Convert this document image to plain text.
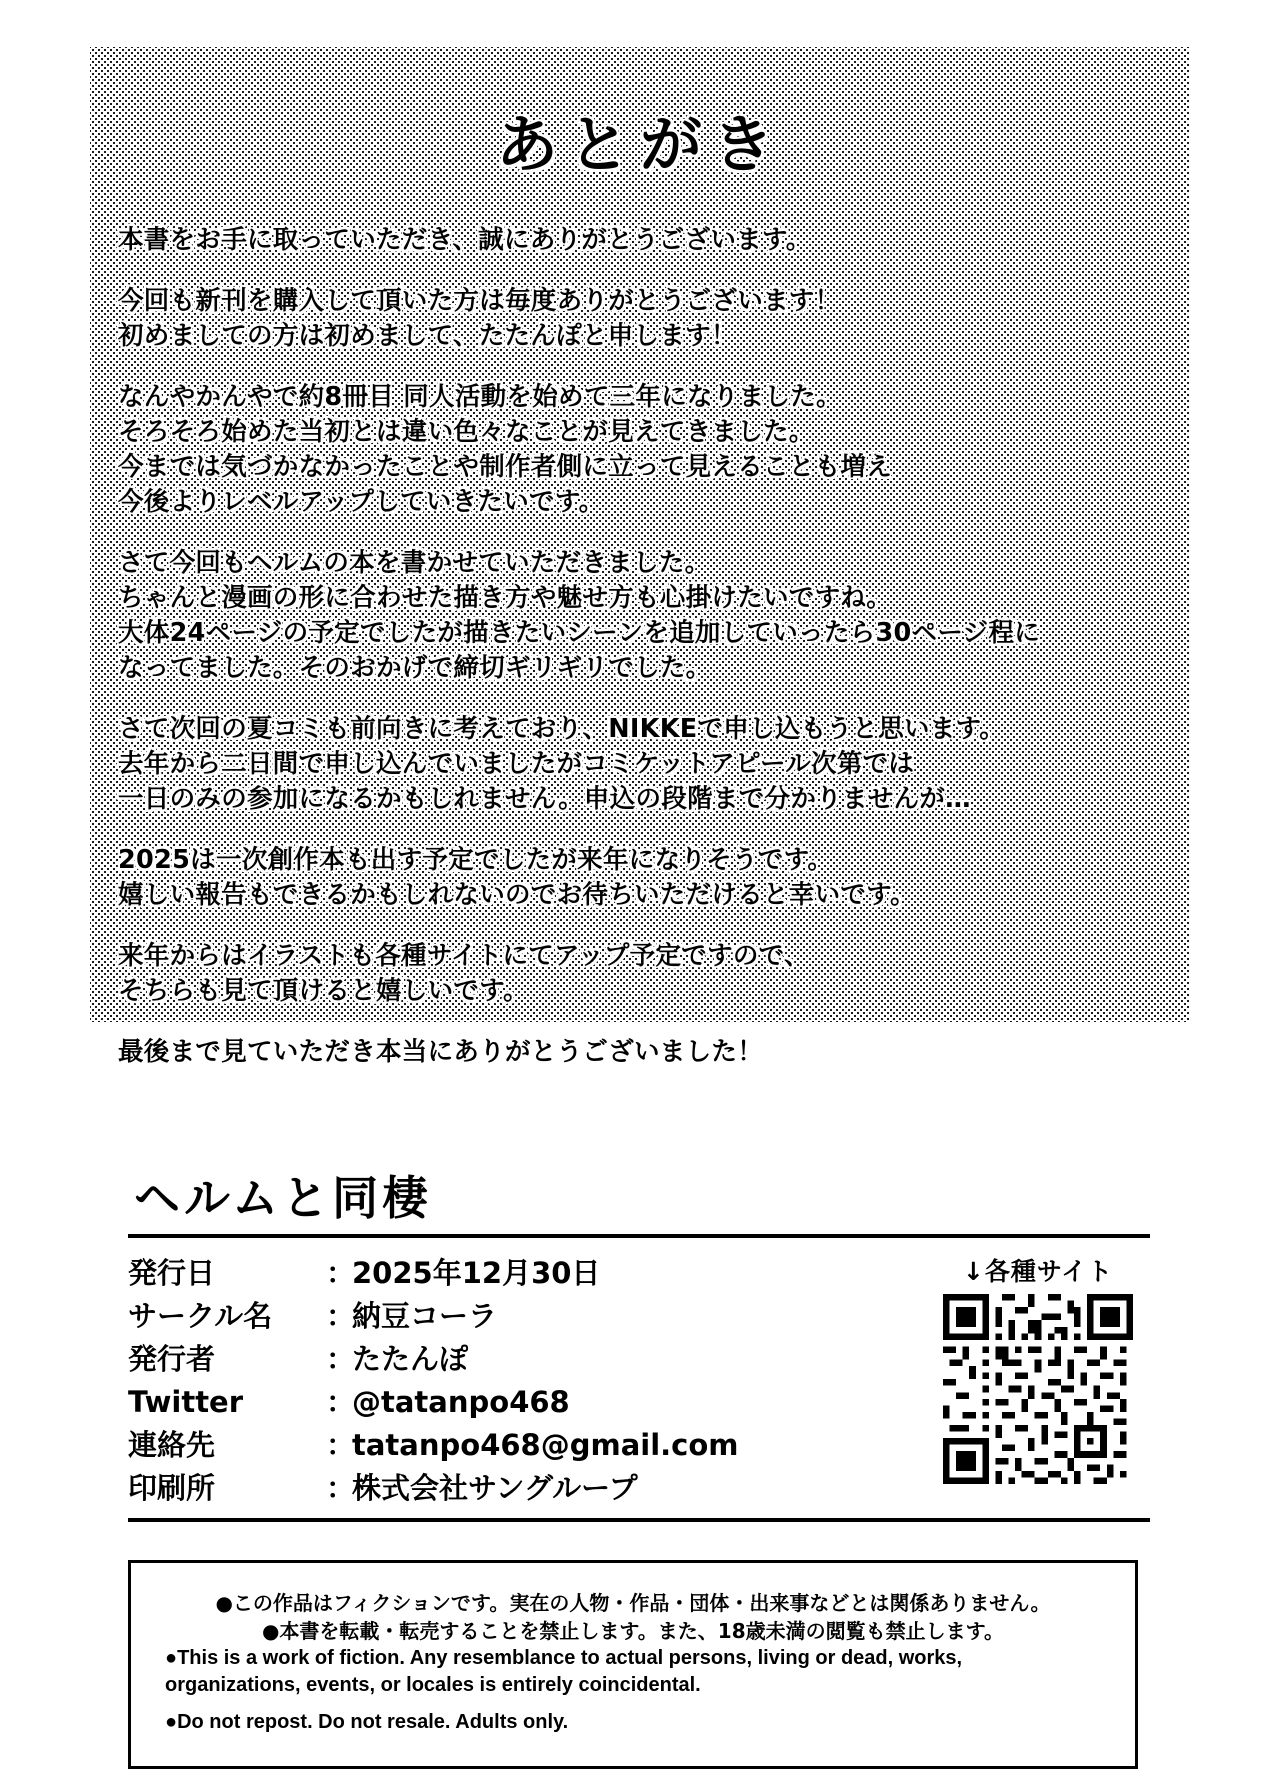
あとがき
本書をお手に取っていただき、誠にありがとうございます。
今回も新刊を購入して頂いた方は毎度ありがとうございます！
初めましての方は初めまして、たたんぽと申します！
なんやかんやで約8冊目 同人活動を始めて三年になりました。
そろそろ始めた当初とは違い色々なことが見えてきました。
今までは気づかなかったことや制作者側に立って見えることも増え
今後よりレベルアップしていきたいです。
さて今回もヘルムの本を書かせていただきました。
ちゃんと漫画の形に合わせた描き方や魅せ方も心掛けたいですね。
大体24ページの予定でしたが描きたいシーンを追加していったら30ページ程に
なってました。そのおかげで締切ギリギリでした。
さて次回の夏コミも前向きに考えており、NIKKEで申し込もうと思います。
去年から二日間で申し込んでいましたがコミケットアピール次第では
一日のみの参加になるかもしれません。申込の段階まで分かりませんが…
2025は一次創作本も出す予定でしたが来年になりそうです。
嬉しい報告もできるかもしれないのでお待ちいただけると幸いです。
来年からはイラストも各種サイトにてアップ予定ですので、
そちらも見て頂けると嬉しいです。
最後まで見ていただき本当にありがとうございました！
ヘルムと同棲
発行日	：
2025年12月30日
サークル名	：
納豆コーラ
発行者	：
たたんぽ
Twitter	：
@tatanpo468
連絡先	：
tatanpo468@gmail.com
印刷所	：
株式会社サングループ
↓各種サイト
●この作品はフィクションです。実在の人物・作品・団体・出来事などとは関係ありません。
●本書を転載・転売することを禁止します。また、18歳未満の閲覧も禁止します。
●This is a work of fiction. Any resemblance to actual persons, living or dead, works,
organizations, events, or locales is entirely coincidental.
●Do not repost. Do not resale. Adults only.
